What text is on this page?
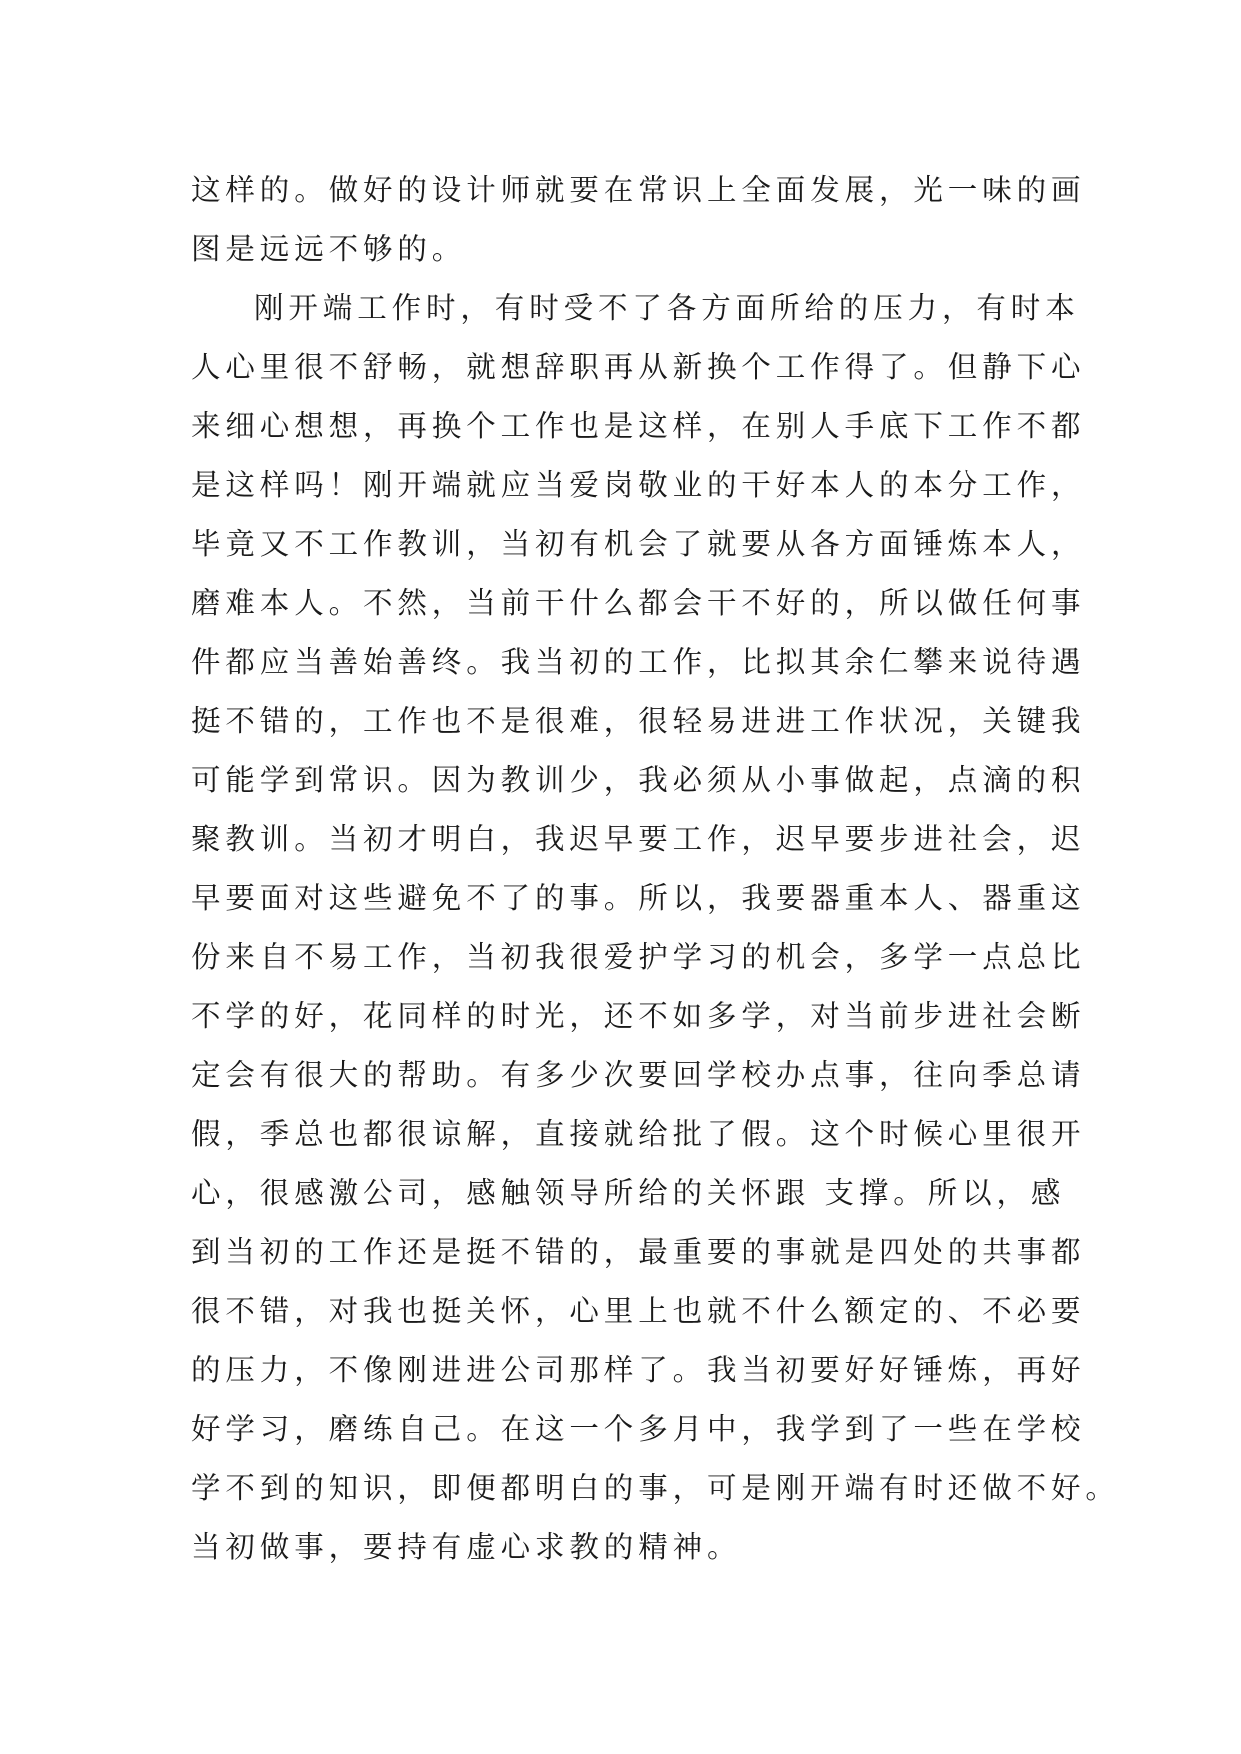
这样的。做好的设计师就要在常识上全面发展，光一味的画
图是远远不够的。
刚开端工作时，有时受不了各方面所给的压力，有时本
人心里很不舒畅，就想辞职再从新换个工作得了。但静下心
来细心想想，再换个工作也是这样，在别人手底下工作不都
是这样吗！刚开端就应当爱岗敬业的干好本人的本分工作，
毕竟又不工作教训，当初有机会了就要从各方面锤炼本人，
磨难本人。不然，当前干什么都会干不好的，所以做任何事
件都应当善始善终。我当初的工作，比拟其余仁攀来说待遇
挺不错的，工作也不是很难，很轻易进进工作状况，关键我
可能学到常识。因为教训少，我必须从小事做起，点滴的积
聚教训。当初才明白，我迟早要工作，迟早要步进社会，迟
早要面对这些避免不了的事。所以，我要器重本人、器重这
份来自不易工作，当初我很爱护学习的机会，多学一点总比
不学的好，花同样的时光，还不如多学，对当前步进社会断
定会有很大的帮助。有多少次要回学校办点事，往向季总请
假，季总也都很谅解，直接就给批了假。这个时候心里很开
心，很感激公司，感触领导所给的关怀跟 支撑。所以，感
到当初的工作还是挺不错的，最重要的事就是四处的共事都
很不错，对我也挺关怀，心里上也就不什么额定的、不必要
的压力，不像刚进进公司那样了。我当初要好好锤炼，再好
好学习，磨练自己。在这一个多月中，我学到了一些在学校
学不到的知识，即便都明白的事，可是刚开端有时还做不好。
当初做事，要持有虚心求教的精神。
